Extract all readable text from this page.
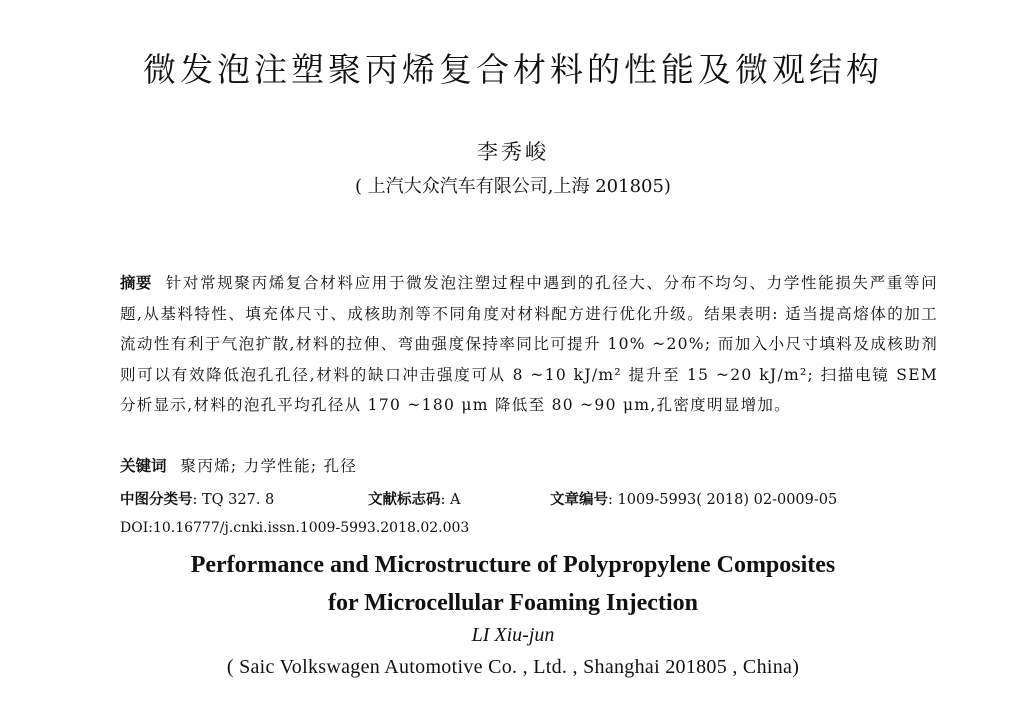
微发泡注塑聚丙烯复合材料的性能及微观结构
李秀峻
( 上汽大众汽车有限公司,上海 201805)
摘要 针对常规聚丙烯复合材料应用于微发泡注塑过程中遇到的孔径大、分布不均匀、力学性能损失严重等问题,从基料特性、填充体尺寸、成核助剂等不同角度对材料配方进行优化升级。结果表明: 适当提高熔体的加工流动性有利于气泡扩散,材料的拉伸、弯曲强度保持率同比可提升 10% ~20%; 而加入小尺寸填料及成核助剂则可以有效降低泡孔孔径,材料的缺口冲击强度可从 8 ~10 kJ/m² 提升至 15 ~20 kJ/m²; 扫描电镜 SEM 分析显示,材料的泡孔平均孔径从 170 ~180 μm 降低至 80 ~90 μm,孔密度明显增加。
关键词 聚丙烯; 力学性能; 孔径
中图分类号: TQ 327. 8	文献标志码: A	文章编号: 1009-5993( 2018) 02-0009-05
DOI:10.16777/j.cnki.issn.1009-5993.2018.02.003
Performance and Microstructure of Polypropylene Composites
for Microcellular Foaming Injection
LI Xiu-jun
( Saic Volkswagen Automotive Co. , Ltd. , Shanghai 201805 , China)
